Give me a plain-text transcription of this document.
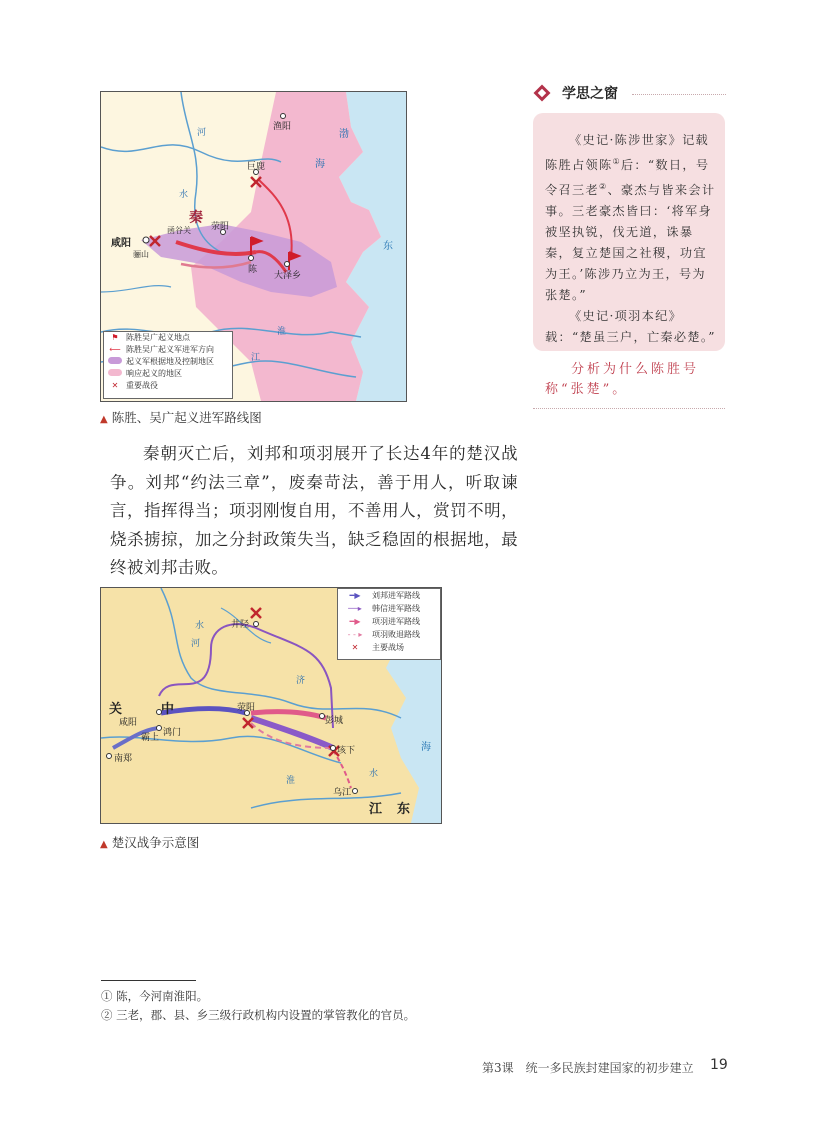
渔阳
巨鹿
秦
荥阳
咸阳
函谷关
骊山
陈
大泽乡
渤
海
水
东
淮
江
河
⚑ 陈胜吴广起义地点
⟵ 陈胜吴广起义军进军方向
起义军根据地及控制地区
响应起义的地区
✕ 重要战役
▲ 陈胜、吴广起义进军路线图
秦朝灭亡后，刘邦和项羽展开了长达4年的楚汉战争。刘邦“约法三章”，废秦苛法，善于用人，听取谏言，指挥得当；项羽刚愎自用，不善用人，赏罚不明，烧杀掳掠，加之分封政策失当，缺乏稳固的根据地，最终被刘邦击败。
井陉
关	中
咸阳
霸上 鸿门
南郑
荥阳
彭城
垓下
乌江
江 东
河
济
淮
水
水
海
━▶	刘邦进军路线
──▸	韩信进军路线
━▶	项羽进军路线
- - ▸	项羽败退路线
✕	主要战场
▲ 楚汉战争示意图
学思之窗

《史记·陈涉世家》记载陈胜占领陈①后：“数日，号令召三老②、豪杰与皆来会计事。三老豪杰皆曰：‘将军身被坚执锐，伐无道，诛暴秦，复立楚国之社稷，功宜为王。’陈涉乃立为王，号为张楚。”

《史记·项羽本纪》载：“楚虽三户，亡秦必楚。”

分析为什么陈胜号称“张楚”。
① 陈，今河南淮阳。
② 三老，郡、县、乡三级行政机构内设置的掌管教化的官员。
第3课　统一多民族封建国家的初步建立 19
